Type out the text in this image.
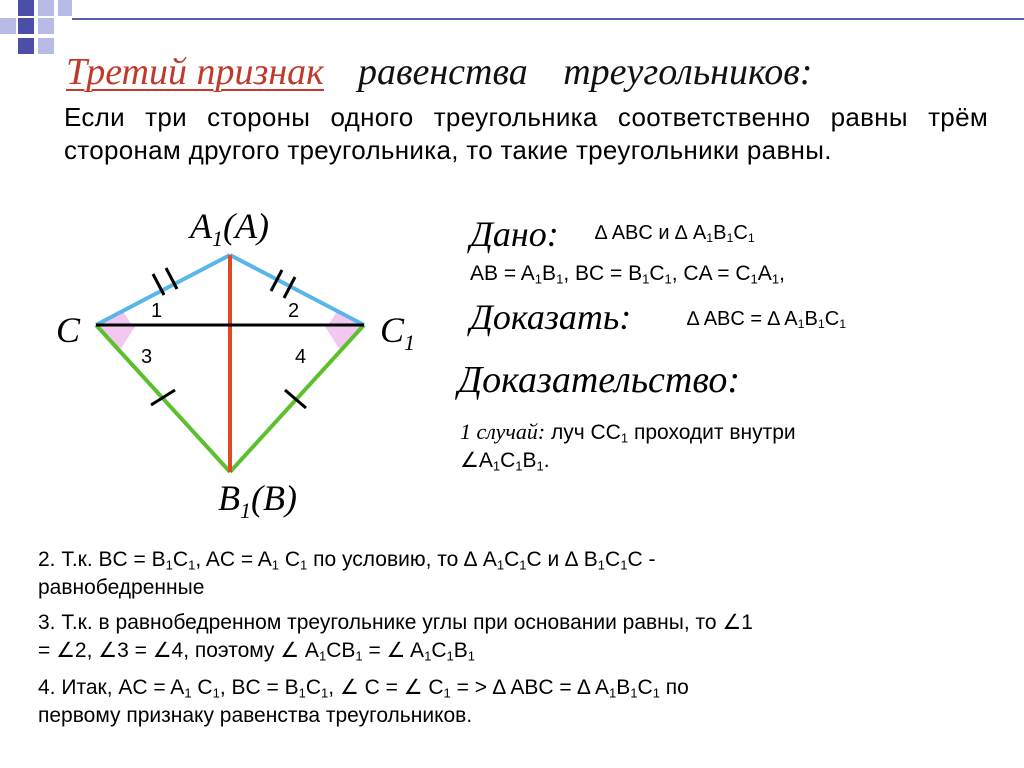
Третий признак равенства треугольников:
Если три стороны одного треугольника соответственно равны трём сторонам другого треугольника, то такие треугольники равны.
$A_1(A)$
$B_1(B)$
C	$C_1$
1	2
3	4
Дано: ∆ ABC и ∆ $A_1B_1C_1$
AB = $A_1B_1$, BC = $B_1C_1$, CA = $C_1A_1$,
Доказать:	∆ ABC = ∆ $A_1B_1C_1$
Доказательство:
1 случай: луч $CC_1$ проходит внутри
$\angle A_1C_1B_1$.
2. Т.к. BC = $B_1C_1$, AC = $A_1$ $C_1$ по условию, то ∆ $A_1C_1C$ и ∆ $B_1C_1C$ -
равнобедренные
3. Т.к. в равнобедренном треугольнике углы при основании равны, то ∠1
= ∠2, ∠3 = ∠4, поэтому ∠ $A_1CB_1$ = ∠ $A_1C_1B_1$
4. Итак, AC = $A_1$ $C_1$, BC = $B_1C_1$, ∠ C = ∠ $C_1$ = > ∆ ABC = ∆ $A_1B_1C_1$ по
первому признаку равенства треугольников.
